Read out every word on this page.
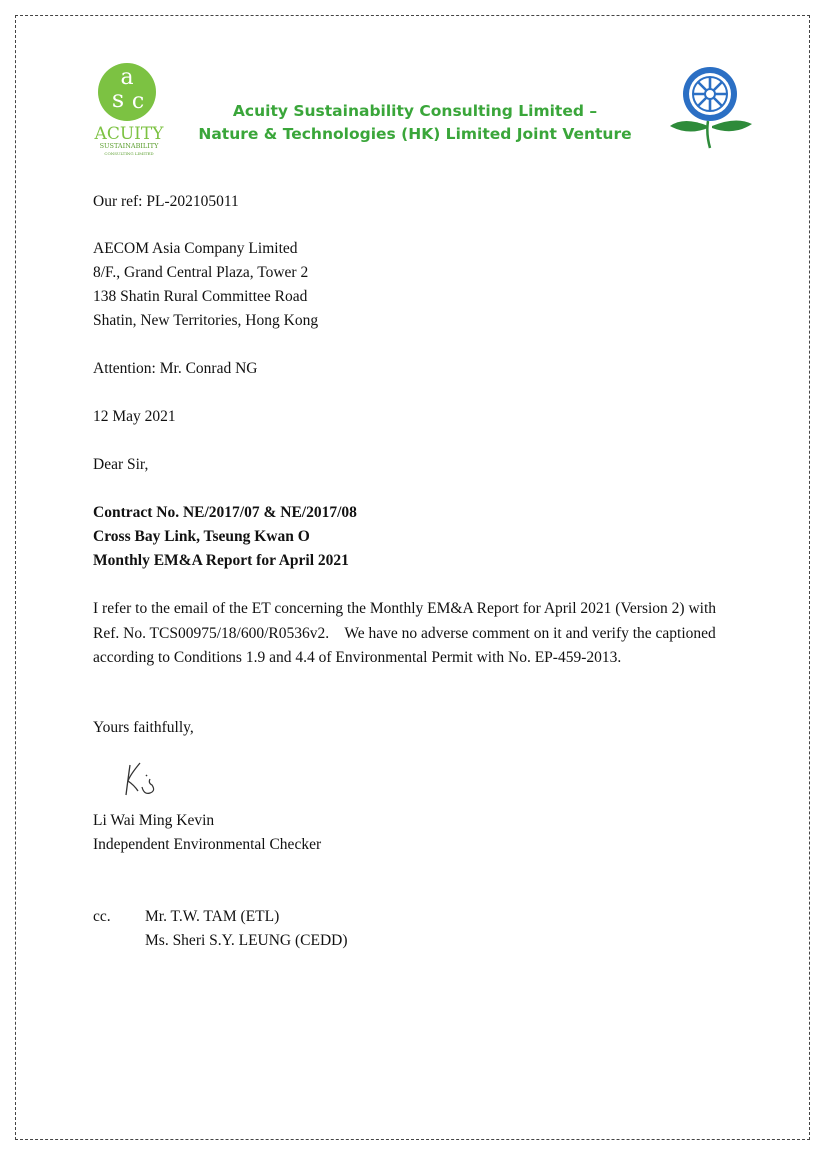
a
s c
ACUITY
SUSTAINABILITY
CONSULTING LIMITED
Acuity Sustainability Consulting Limited –
Nature & Technologies (HK) Limited Joint Venture
Our ref: PL-202105011
AECOM Asia Company Limited
8/F., Grand Central Plaza, Tower 2
138 Shatin Rural Committee Road
Shatin, New Territories, Hong Kong
Attention: Mr. Conrad NG
12 May 2021
Dear Sir,
Contract No. NE/2017/07 & NE/2017/08
Cross Bay Link, Tseung Kwan O
Monthly EM&A Report for April 2021
I refer to the email of the ET concerning the Monthly EM&A Report for April 2021 (Version 2) with
Ref. No. TCS00975/18/600/R0536v2.    We have no adverse comment on it and verify the captioned
according to Conditions 1.9 and 4.4 of Environmental Permit with No. EP-459-2013.
Yours faithfully,
Li Wai Ming Kevin
Independent Environmental Checker
cc. Mr. T.W. TAM (ETL)
Ms. Sheri S.Y. LEUNG (CEDD)
